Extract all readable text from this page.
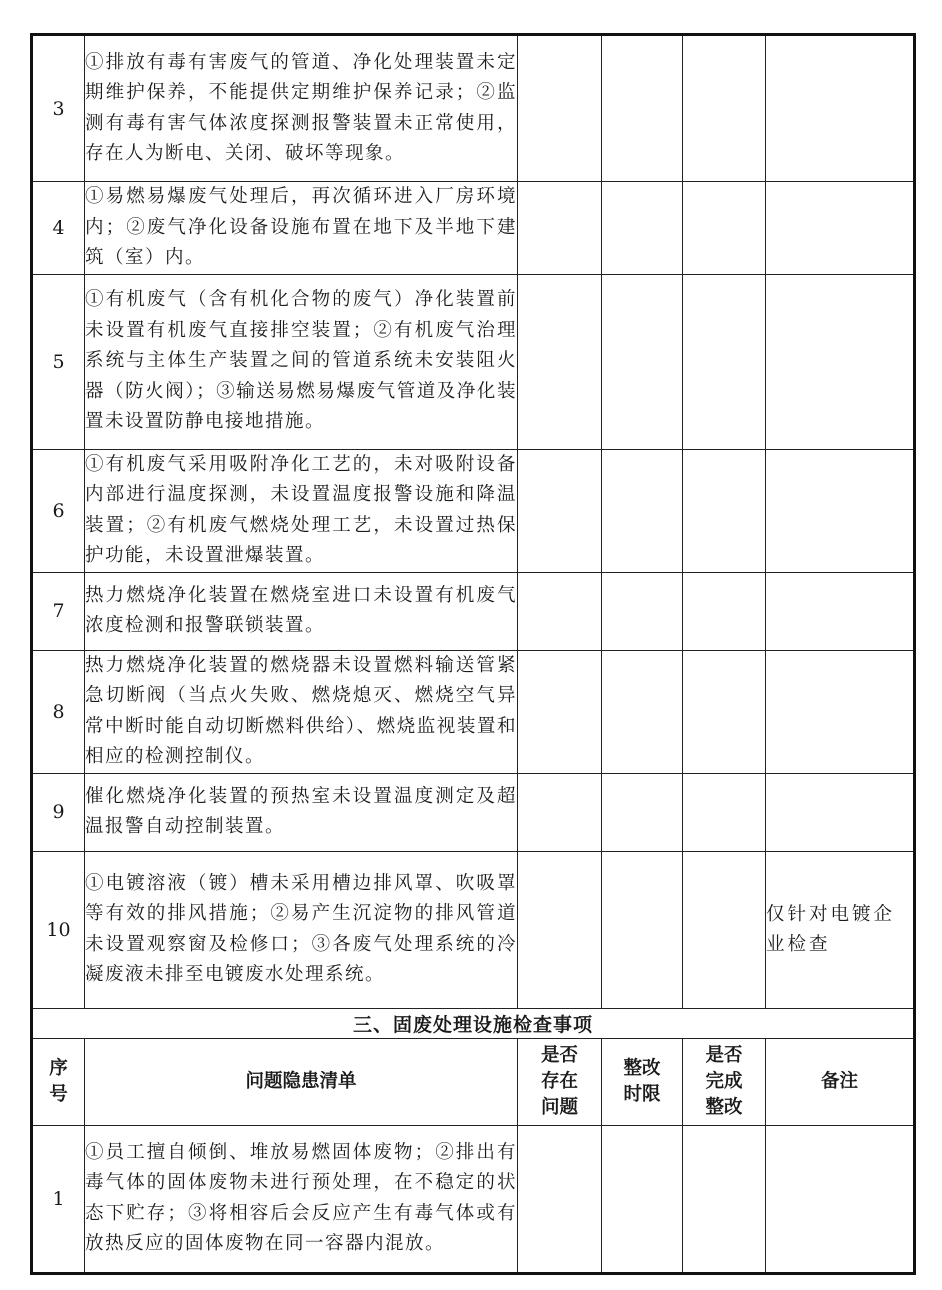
3	①排放有毒有害废气的管道、净化处理装置未定期维护保养，不能提供定期维护保养记录；②监测有毒有害气体浓度探测报警装置未正常使用，存在人为断电、关闭、破坏等现象。				
4	①易燃易爆废气处理后，再次循环进入厂房环境内；②废气净化设备设施布置在地下及半地下建筑（室）内。				
5	①有机废气（含有机化合物的废气）净化装置前未设置有机废气直接排空装置；②有机废气治理系统与主体生产装置之间的管道系统未安装阻火器（防火阀）；③输送易燃易爆废气管道及净化装置未设置防静电接地措施。				
6	①有机废气采用吸附净化工艺的，未对吸附设备内部进行温度探测，未设置温度报警设施和降温装置；②有机废气燃烧处理工艺，未设置过热保护功能，未设置泄爆装置。				
7	热力燃烧净化装置在燃烧室进口未设置有机废气浓度检测和报警联锁装置。				
8	热力燃烧净化装置的燃烧器未设置燃料输送管紧急切断阀（当点火失败、燃烧熄灭、燃烧空气异常中断时能自动切断燃料供给）、燃烧监视装置和相应的检测控制仪。				
9	催化燃烧净化装置的预热室未设置温度测定及超温报警自动控制装置。				
10	①电镀溶液（镀）槽未采用槽边排风罩、吹吸罩等有效的排风措施；②易产生沉淀物的排风管道未设置观察窗及检修口；③各废气处理系统的冷凝废液未排至电镀废水处理系统。				仅针对电镀企业检查
三、固废处理设施检查事项					
序号	问题隐患清单	是否存在问题	整改时限	是否完成整改	备注
1	①员工擅自倾倒、堆放易燃固体废物；②排出有毒气体的固体废物未进行预处理，在不稳定的状态下贮存；③将相容后会反应产生有毒气体或有放热反应的固体废物在同一容器内混放。				
